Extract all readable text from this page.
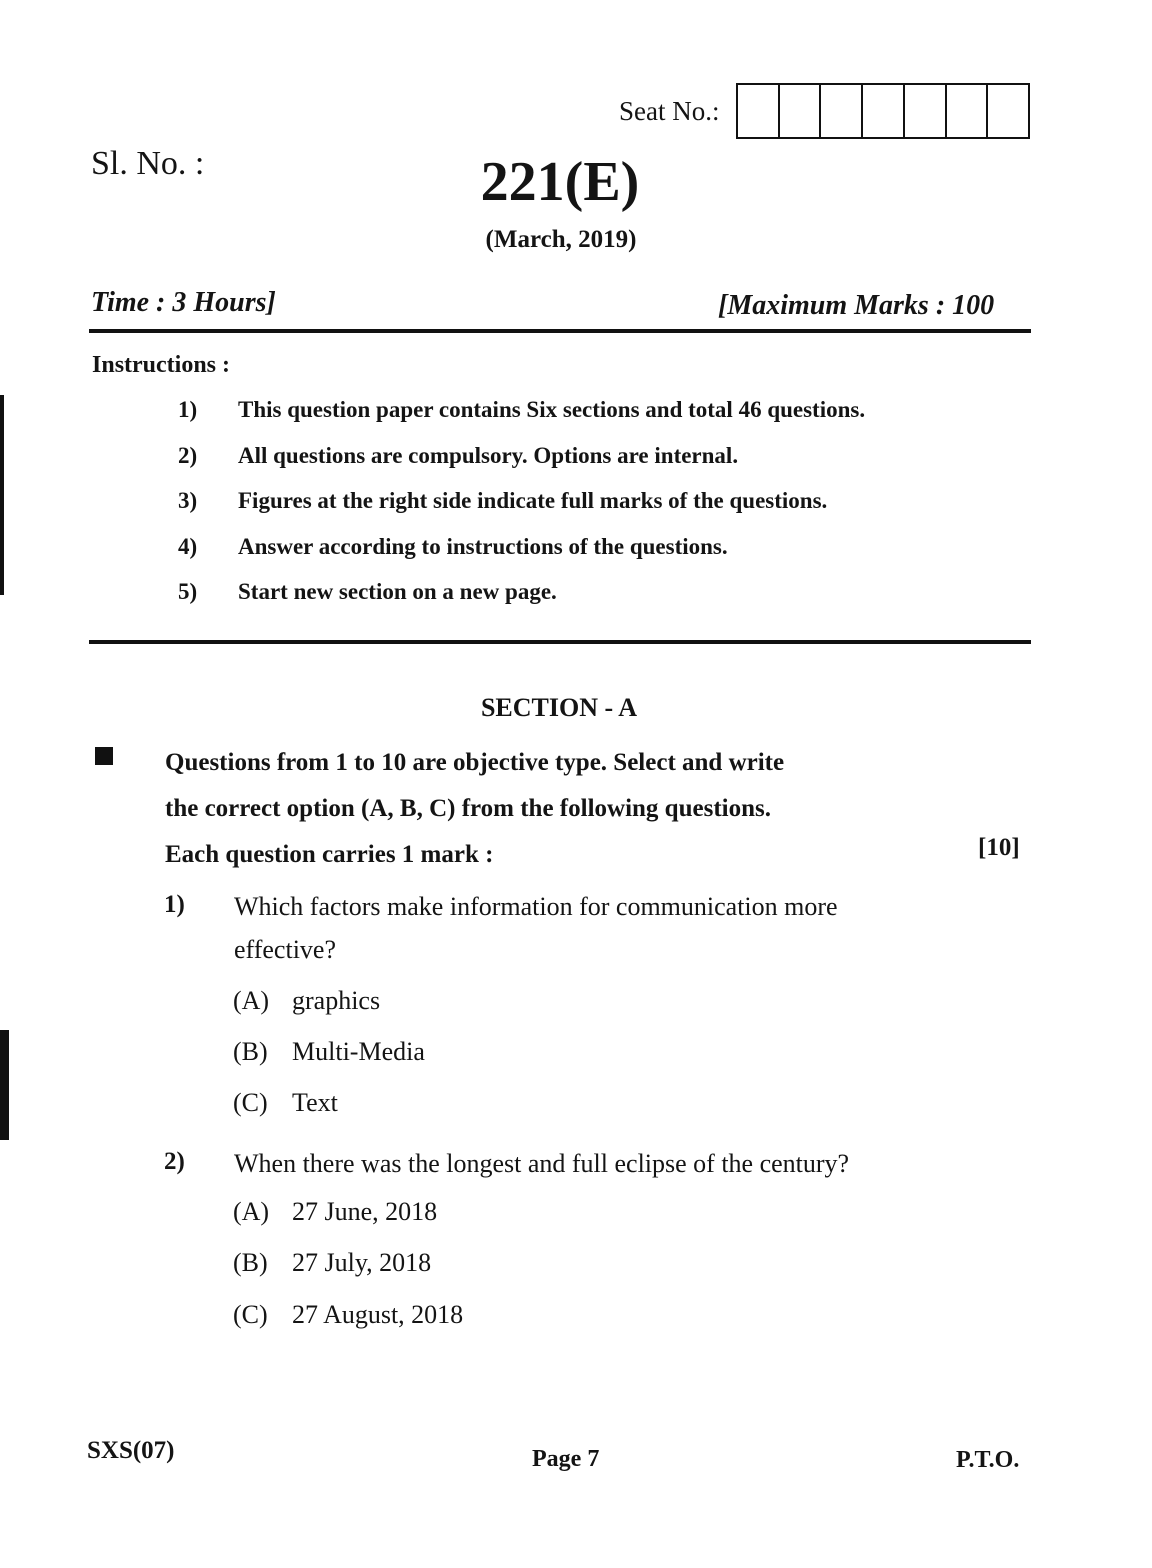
Seat No.:
Sl. No. :	221(E)
(March, 2019)
Time : 3 Hours]	[Maximum Marks : 100
Instructions :
1)	This question paper contains Six sections and total 46 questions.
2)	All questions are compulsory. Options are internal.
3)	Figures at the right side indicate full marks of the questions.
4)	Answer according to instructions of the questions.
5)	Start new section on a new page.
SECTION - A
Questions from 1 to 10 are objective type. Select and write
the correct option (A, B, C) from the following questions.
Each question carries 1 mark :	[10]
1) Which factors make information for communication more effective?
(A) graphics
(B) Multi-Media
(C) Text
2) When there was the longest and full eclipse of the century?
(A) 27 June, 2018
(B) 27 July, 2018
(C) 27 August, 2018
SXS(07)	Page 7	P.T.O.
